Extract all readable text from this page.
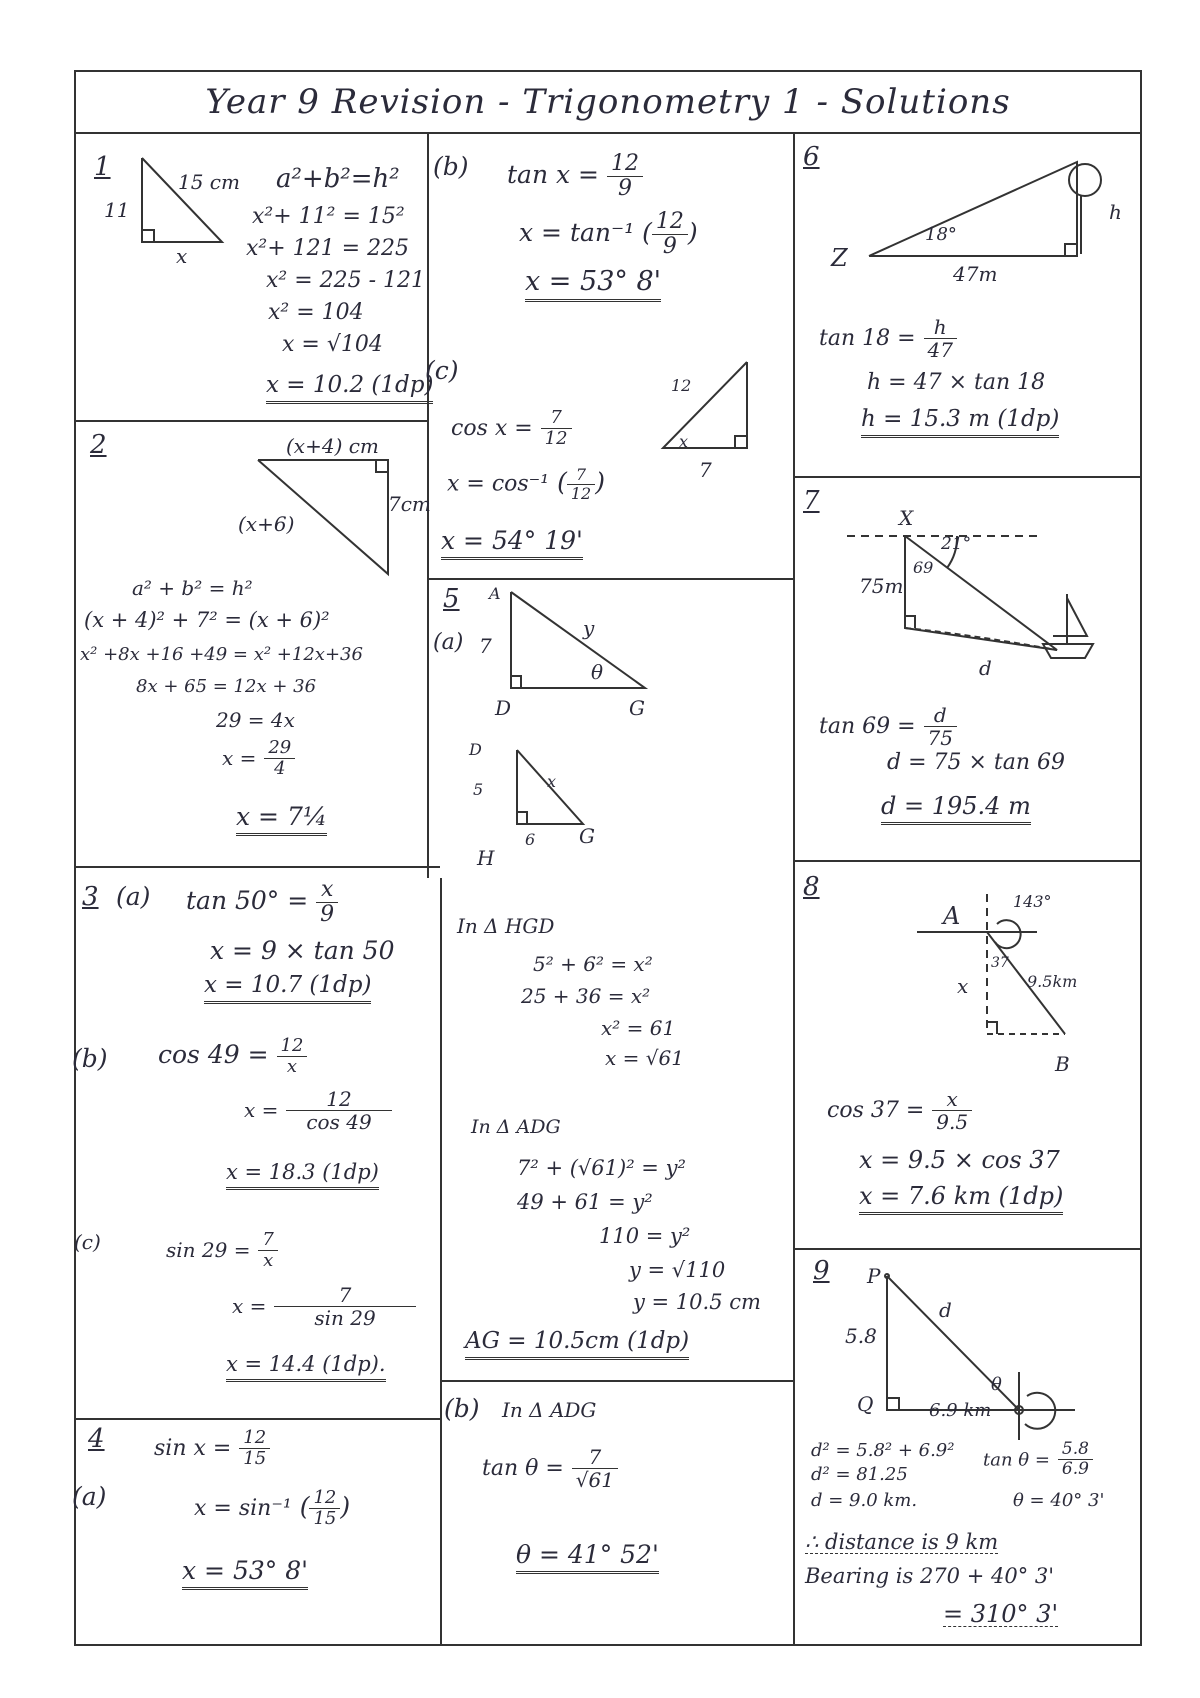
Year 9 Revision - Trigonometry 1 - Solutions
1	15 cm
11
x
a²+b²=h²
x²+ 11² = 15²
x²+ 121 = 225
x² = 225 - 121
x² = 104
x = √104
x = 10.2 (1dp)
(b) $\tan x = \frac{12}{9}$
x = tan⁻¹ ( $\frac{12}{9}$ )
x = 53° 8'
(c)
12
x
7
$\cos x = \frac{7}{12}$
x = cos⁻¹ ( $\frac{7}{12}$ )
x = 54° 19'
2	(x+4) cm
7cm
(x+6)
a² + b² = h²
(x + 4)² + 7² = (x + 6)²
x² +8x +16 +49 = x² +12x+36
8x + 65 = 12x + 36
29 = 4x
$x = \frac{29}{4}$
x = 7¼
3 (a) $\tan 50^\circ = \frac{x}{9}$
x = 9 × tan 50
x = 10.7 (1dp)
(b) $\cos 49 = \frac{12}{x}$
$x = \frac{12}{\cos 49}$
x = 18.3 (1dp)
(c)	$\sin 29 = \frac{7}{x}$
$x = \frac{7}{\sin 29}$
x = 14.4 (1dp).
4 $\sin x = \frac{12}{15}$
(a)	x = sin⁻¹ ( $\frac{12}{15}$ )
x = 53° 8'
5
(a)
A
7
y
θ
D	G
D
5	x
6 G
H
In Δ HGD
5² + 6² = x²
25 + 36 = x²
x² = 61
x = √61
In Δ ADG
7² + (√61)² = y²
49 + 61 = y²
110 = y²
y = √110
y = 10.5 cm
AG = 10.5cm (1dp)
(b) In Δ ADG
$\tan \theta = \frac{7}{√61}$
θ = 41° 52'
6
Z
18°
47m
h
$\tan 18 = \frac{h}{47}$
h = 47 × tan 18
h = 15.3 m (1dp)
7
X
21°
69
75m
d
$\tan 69 = \frac{d}{75}$
d = 75 × tan 69
d = 195.4 m
8
A
143°
37
9.5km
x
B
$\cos 37 = \frac{x}{9.5}$
x = 9.5 × cos 37
x = 7.6 km (1dp)
9 P
5.8
d
θ
Q	6.9 km
d² = 5.8² + 6.9²
d² = 81.25
d = 9.0 km.
$\tan \theta = \frac{5.8}{6.9}$
θ = 40° 3'
∴ distance is 9 km
Bearing is 270 + 40° 3'
= 310° 3'
